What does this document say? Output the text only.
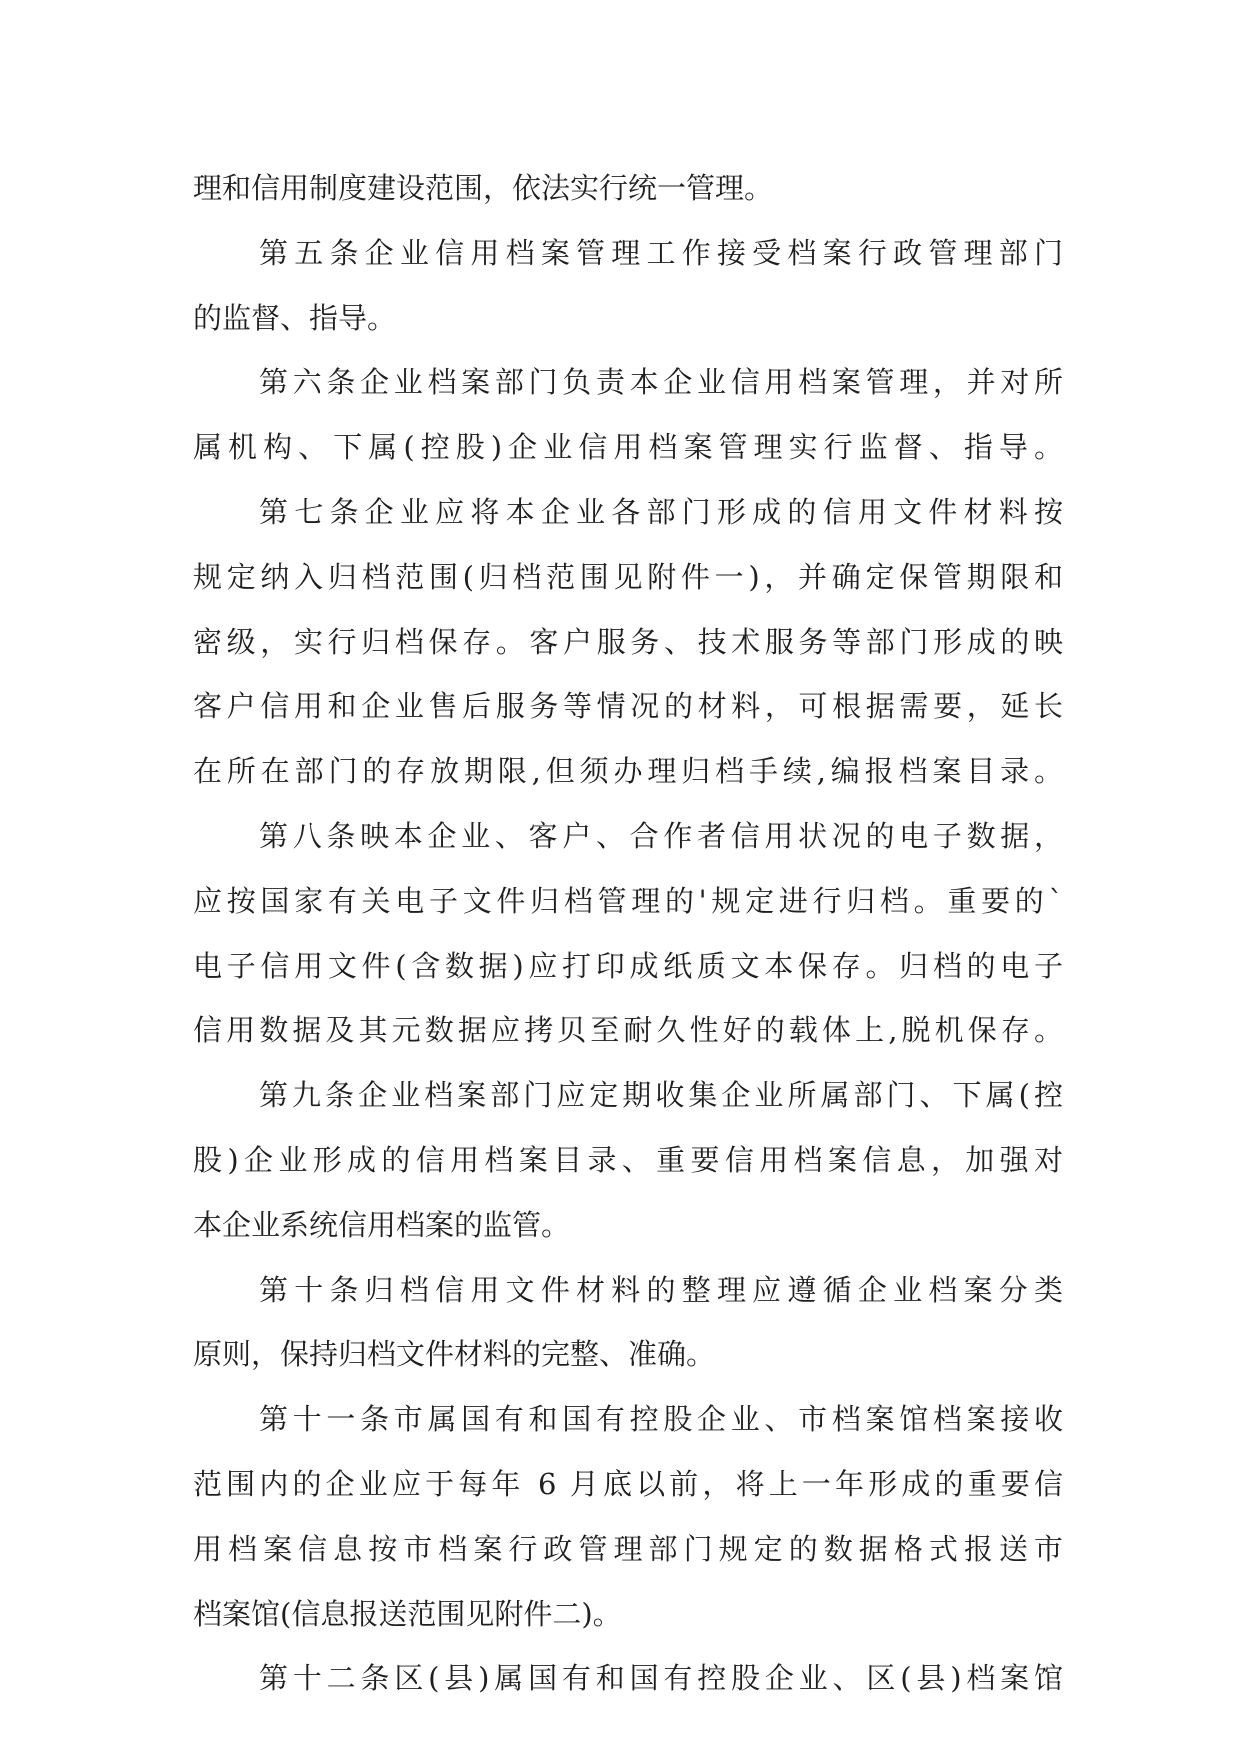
理和信用制度建设范围，依法实行统一管理。
第五条企业信用档案管理工作接受档案行政管理部门
的监督、指导。
第六条企业档案部门负责本企业信用档案管理，并对所
属机构、下属(控股)企业信用档案管理实行监督、指导。
第七条企业应将本企业各部门形成的信用文件材料按
规定纳入归档范围(归档范围见附件一)，并确定保管期限和
密级，实行归档保存。客户服务、技术服务等部门形成的映
客户信用和企业售后服务等情况的材料，可根据需要，延长
在所在部门的存放期限,但须办理归档手续,编报档案目录。
第八条映本企业、客户、合作者信用状况的电子数据，
应按国家有关电子文件归档管理的'规定进行归档。重要的`
电子信用文件(含数据)应打印成纸质文本保存。归档的电子
信用数据及其元数据应拷贝至耐久性好的载体上,脱机保存。
第九条企业档案部门应定期收集企业所属部门、下属(控
股)企业形成的信用档案目录、重要信用档案信息，加强对
本企业系统信用档案的监管。
第十条归档信用文件材料的整理应遵循企业档案分类
原则，保持归档文件材料的完整、准确。
第十一条市属国有和国有控股企业、市档案馆档案接收
范围内的企业应于每年 6 月底以前，将上一年形成的重要信
用档案信息按市档案行政管理部门规定的数据格式报送市
档案馆(信息报送范围见附件二)。
第十二条区(县)属国有和国有控股企业、区(县)档案馆
